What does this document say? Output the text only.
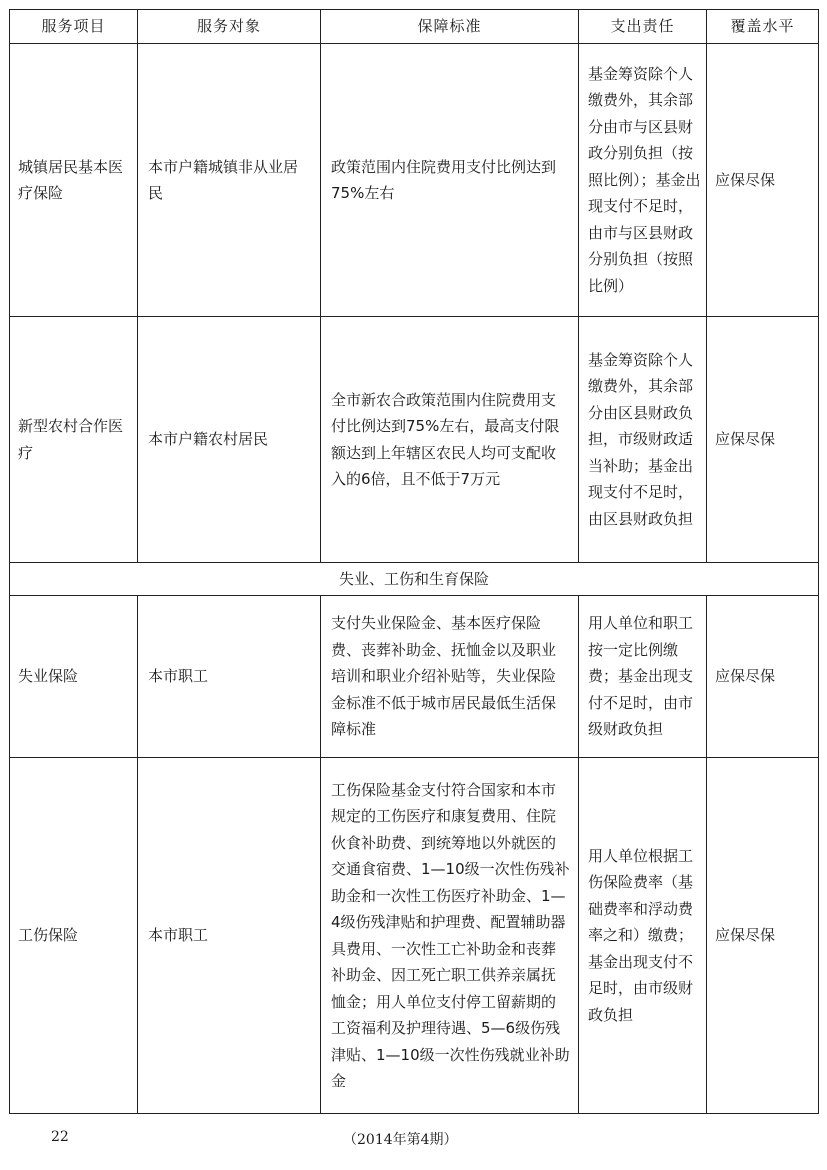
服务项目	服务对象	保障标准	支出责任	覆盖水平
城镇居民基本医疗保险	本市户籍城镇非从业居民	政策范围内住院费用支付比例达到75%左右	基金筹资除个人缴费外，其余部分由市与区县财政分别负担（按照比例）；基金出现支付不足时，由市与区县财政分别负担（按照比例）	应保尽保
新型农村合作医疗	本市户籍农村居民	全市新农合政策范围内住院费用支付比例达到75%左右，最高支付限额达到上年辖区农民人均可支配收入的6倍，且不低于7万元	基金筹资除个人缴费外，其余部分由区县财政负担，市级财政适当补助；基金出现支付不足时，由区县财政负担	应保尽保
失业、工伤和生育保险				
失业保险	本市职工	支付失业保险金、基本医疗保险费、丧葬补助金、抚恤金以及职业培训和职业介绍补贴等，失业保险金标准不低于城市居民最低生活保障标准	用人单位和职工按一定比例缴费；基金出现支付不足时，由市级财政负担	应保尽保
工伤保险	本市职工	工伤保险基金支付符合国家和本市规定的工伤医疗和康复费用、住院伙食补助费、到统筹地以外就医的交通食宿费、1—10级一次性伤残补助金和一次性工伤医疗补助金、1—4级伤残津贴和护理费、配置辅助器具费用、一次性工亡补助金和丧葬补助金、因工死亡职工供养亲属抚恤金；用人单位支付停工留薪期的工资福利及护理待遇、5—6级伤残津贴、1—10级一次性伤残就业补助金	用人单位根据工伤保险费率（基础费率和浮动费率之和）缴费；基金出现支付不足时，由市级财政负担	应保尽保
22	（2014年第4期）
